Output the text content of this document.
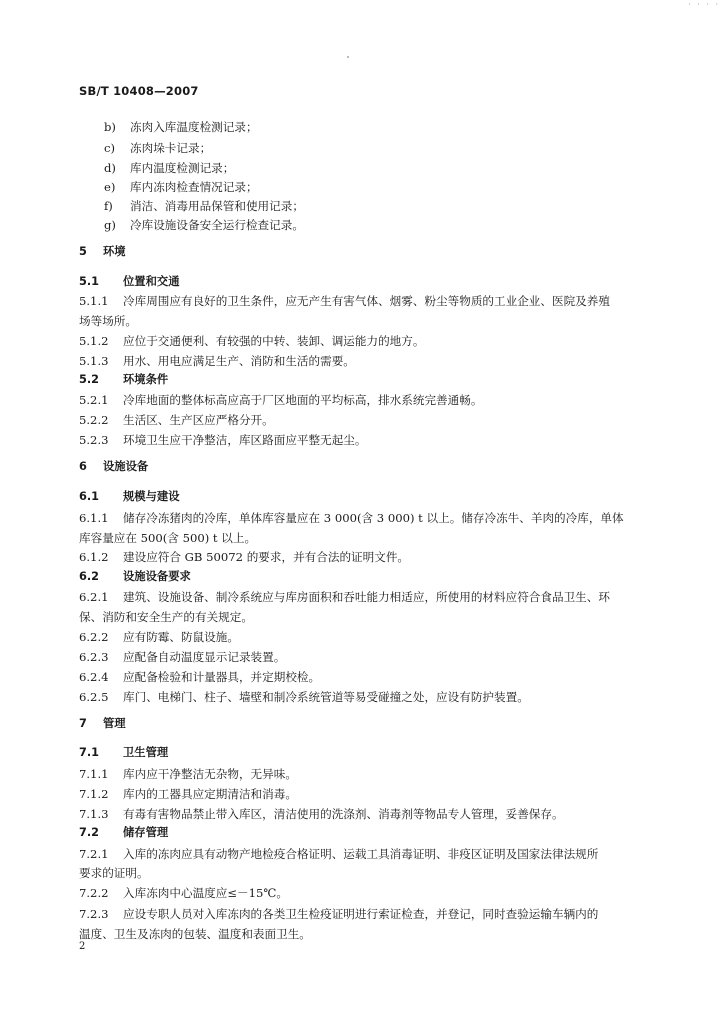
· · · ·
SB/T 10408—2007
b) 冻肉入库温度检测记录；
c) 冻肉垛卡记录；
d) 库内温度检测记录；
e) 库内冻肉检查情况记录；
f) 消洁、消毒用品保管和使用记录；
g) 冷库设施设备安全运行检查记录。
5 环境
5.1 位置和交通
5.1.1 冷库周围应有良好的卫生条件，应无产生有害气体、烟雾、粉尘等物质的工业企业、医院及养殖
场等场所。
5.1.2 应位于交通便利、有较强的中转、装卸、调运能力的地方。
5.1.3 用水、用电应满足生产、消防和生活的需要。
5.2 环境条件
5.2.1 冷库地面的整体标高应高于厂区地面的平均标高，排水系统完善通畅。
5.2.2 生活区、生产区应严格分开。
5.2.3 环境卫生应干净整洁，库区路面应平整无起尘。
6 设施设备
6.1 规模与建设
6.1.1 储存冷冻猪肉的冷库，单体库容量应在 3 000(含 3 000) t 以上。储存冷冻牛、羊肉的冷库，单体
库容量应在 500(含 500) t 以上。
6.1.2 建设应符合 GB 50072 的要求，并有合法的证明文件。
6.2 设施设备要求
6.2.1 建筑、设施设备、制冷系统应与库房面积和吞吐能力相适应，所使用的材料应符合食品卫生、环
保、消防和安全生产的有关规定。
6.2.2 应有防霉、防鼠设施。
6.2.3 应配备自动温度显示记录装置。
6.2.4 应配备检验和计量器具，并定期校检。
6.2.5 库门、电梯门、柱子、墙壁和制冷系统管道等易受碰撞之处，应设有防护装置。
7 管理
7.1 卫生管理
7.1.1 库内应干净整洁无杂物，无异味。
7.1.2 库内的工器具应定期清洁和消毒。
7.1.3 有毒有害物品禁止带入库区，清洁使用的洗涤剂、消毒剂等物品专人管理，妥善保存。
7.2 储存管理
7.2.1 入库的冻肉应具有动物产地检疫合格证明、运载工具消毒证明、非疫区证明及国家法律法规所
要求的证明。
7.2.2 入库冻肉中心温度应≤－15℃。
7.2.3 应设专职人员对入库冻肉的各类卫生检疫证明进行索证检查，并登记，同时查验运输车辆内的
温度、卫生及冻肉的包装、温度和表面卫生。
2
